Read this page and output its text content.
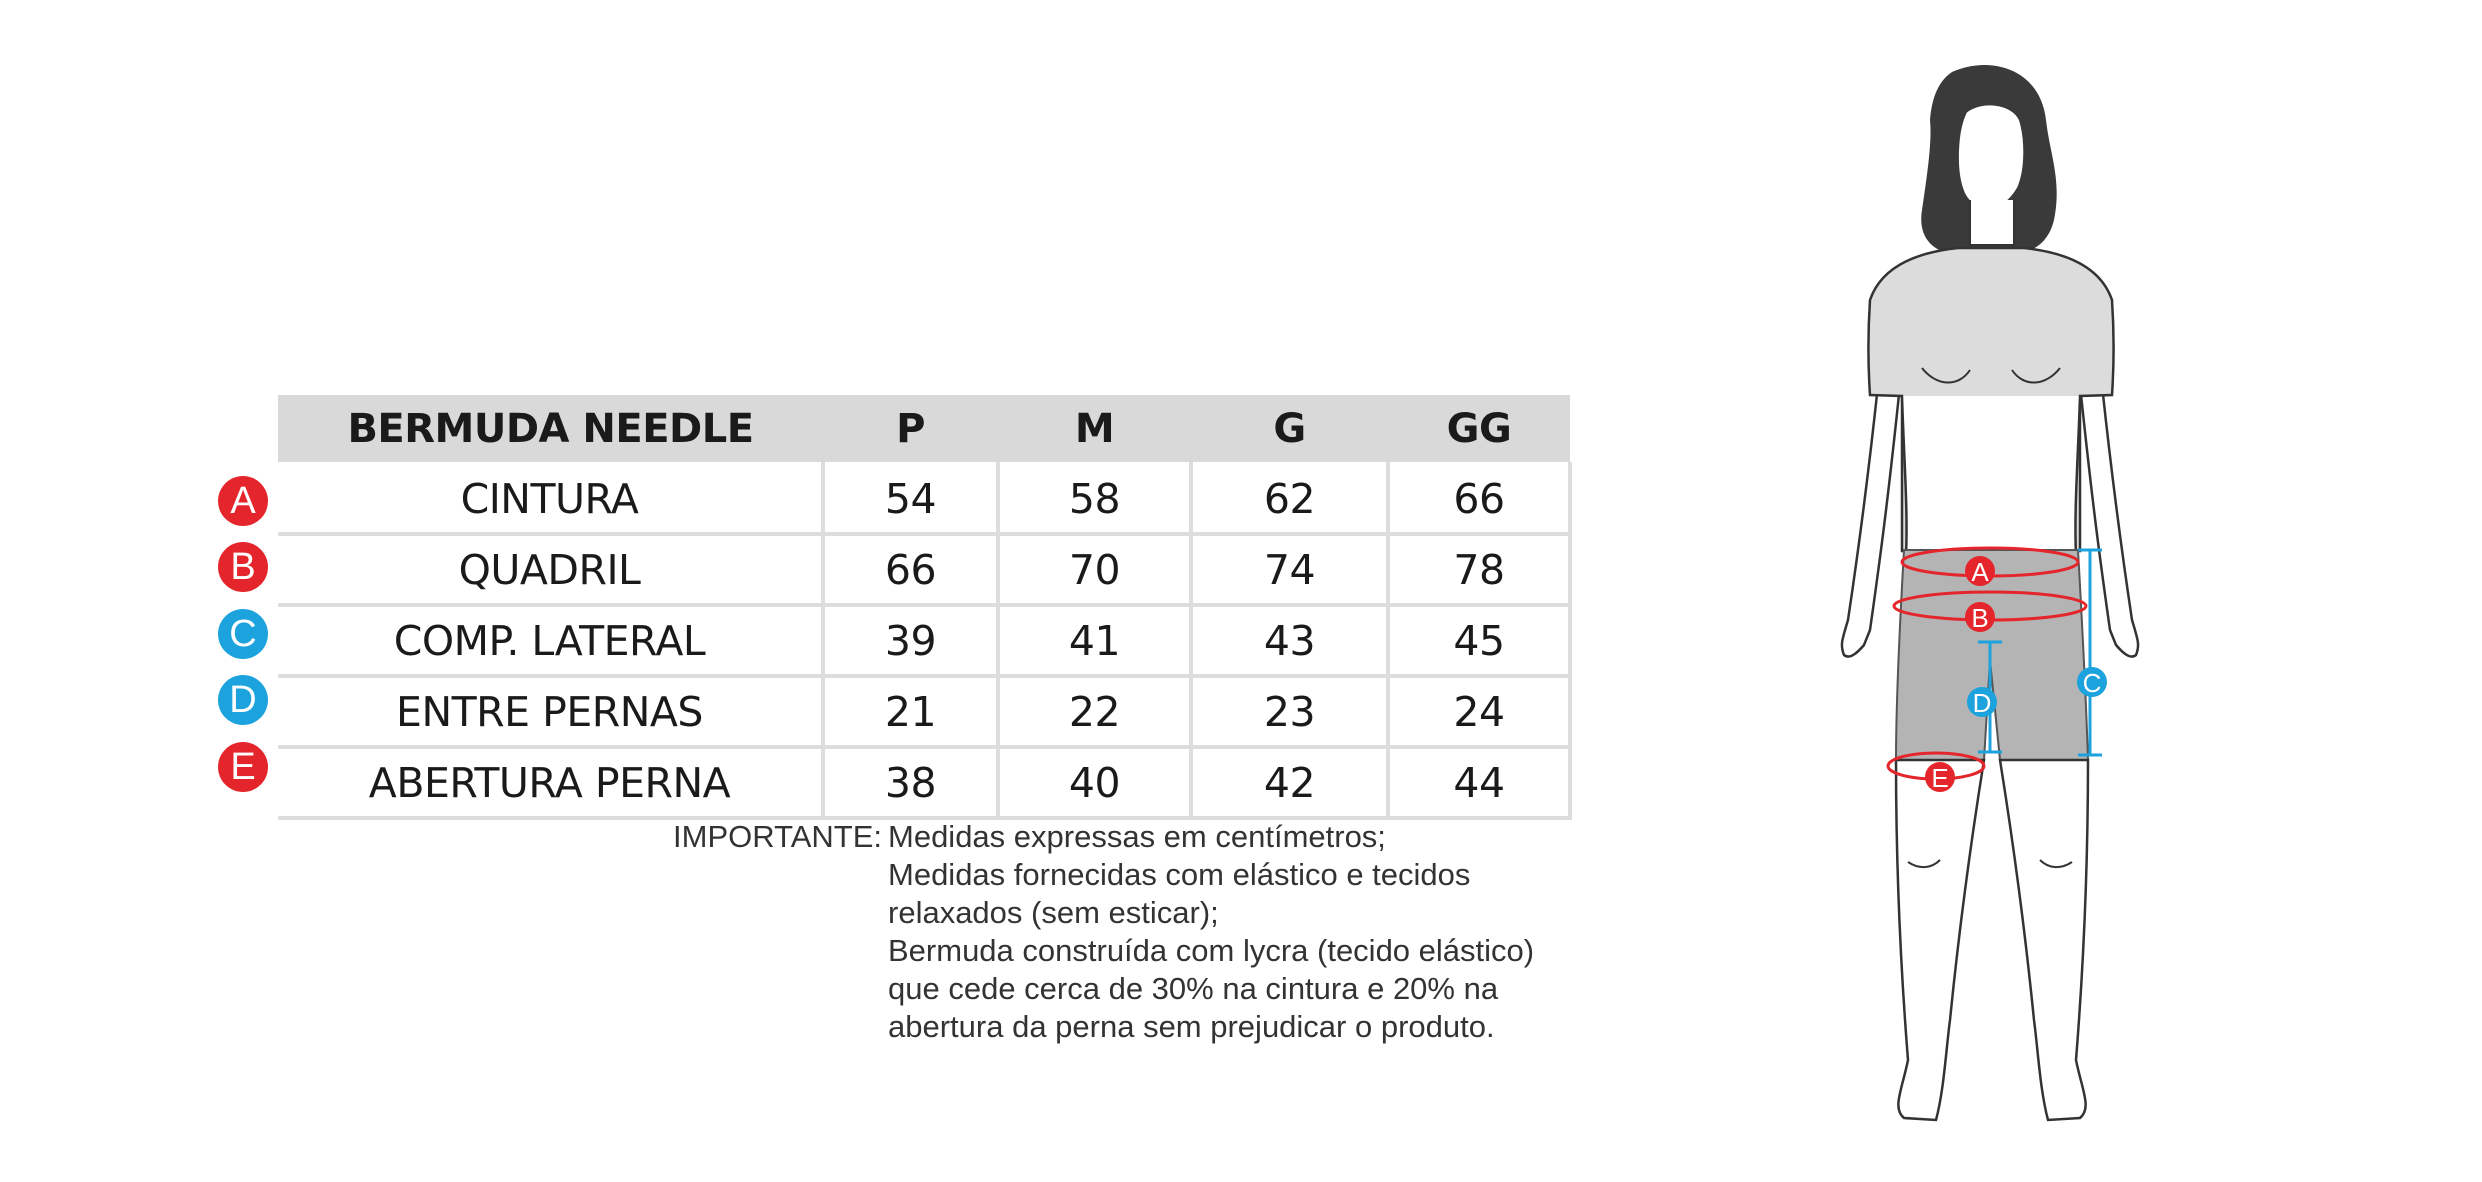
BERMUDA NEEDLE	P	M	G	GG
CINTURA	54	58	62	66
QUADRIL	66	70	74	78
COMP. LATERAL	39	41	43	45
ENTRE PERNAS	21	22	23	24
ABERTURA PERNA	38	40	42	44
A
B
C
D
E
IMPORTANTE: Medidas expressas em centímetros;
Medidas fornecidas com elástico e tecidos
relaxados (sem esticar);
Bermuda construída com lycra (tecido elástico)
que cede cerca de 30% na cintura e 20% na
abertura da perna sem prejudicar o produto.
A
B
C
D
E
